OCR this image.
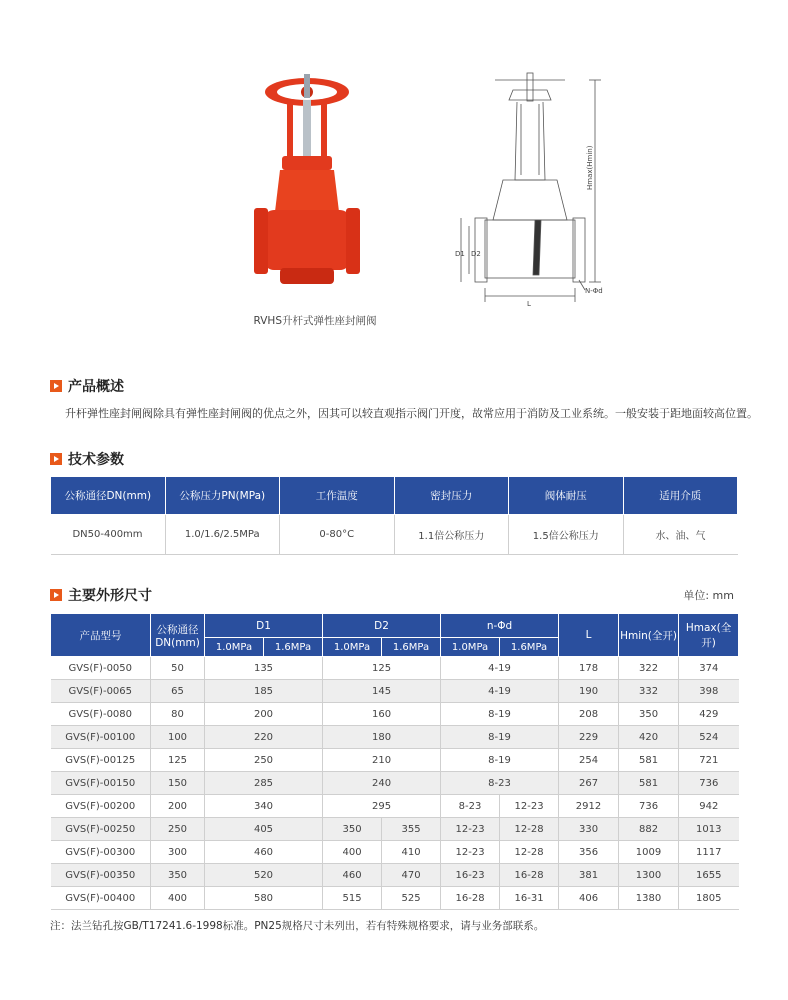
RVHS升杆式弹性座封闸阀
Hmax(Hmin)
D1 D2
L
N-Φd
产品概述
升杆弹性座封闸阀除具有弹性座封闸阀的优点之外，因其可以较直观指示阀门开度，故常应用于消防及工业系统。一般安装于距地面较高位置。
技术参数
公称通径DN(mm)	公称压力PN(MPa)	工作温度	密封压力	阀体耐压	适用介质
DN50-400mm	1.0/1.6/2.5MPa	0-80°C	1.1倍公称压力	1.5倍公称压力	水、油、气
主要外形尺寸	单位: mm
产品型号	公称通径DN(mm)	D1		D2		n-Φd		L	Hmin(全开)	Hmax(全开)
		1.0MPa	1.6MPa	1.0MPa	1.6MPa	1.0MPa	1.6MPa			
GVS(F)-0050	50	135		125		4-19		178	322	374
GVS(F)-0065	65	185		145		4-19		190	332	398
GVS(F)-0080	80	200		160		8-19		208	350	429
GVS(F)-00100	100	220		180		8-19		229	420	524
GVS(F)-00125	125	250		210		8-19		254	581	721
GVS(F)-00150	150	285		240		8-23		267	581	736
GVS(F)-00200	200	340		295		8-23	12-23	2912	736	942
GVS(F)-00250	250	405		350	355	12-23	12-28	330	882	1013
GVS(F)-00300	300	460		400	410	12-23	12-28	356	1009	1117
GVS(F)-00350	350	520		460	470	16-23	16-28	381	1300	1655
GVS(F)-00400	400	580		515	525	16-28	16-31	406	1380	1805
注：法兰钻孔按GB/T17241.6-1998标准。PN25规格尺寸未列出，若有特殊规格要求，请与业务部联系。
